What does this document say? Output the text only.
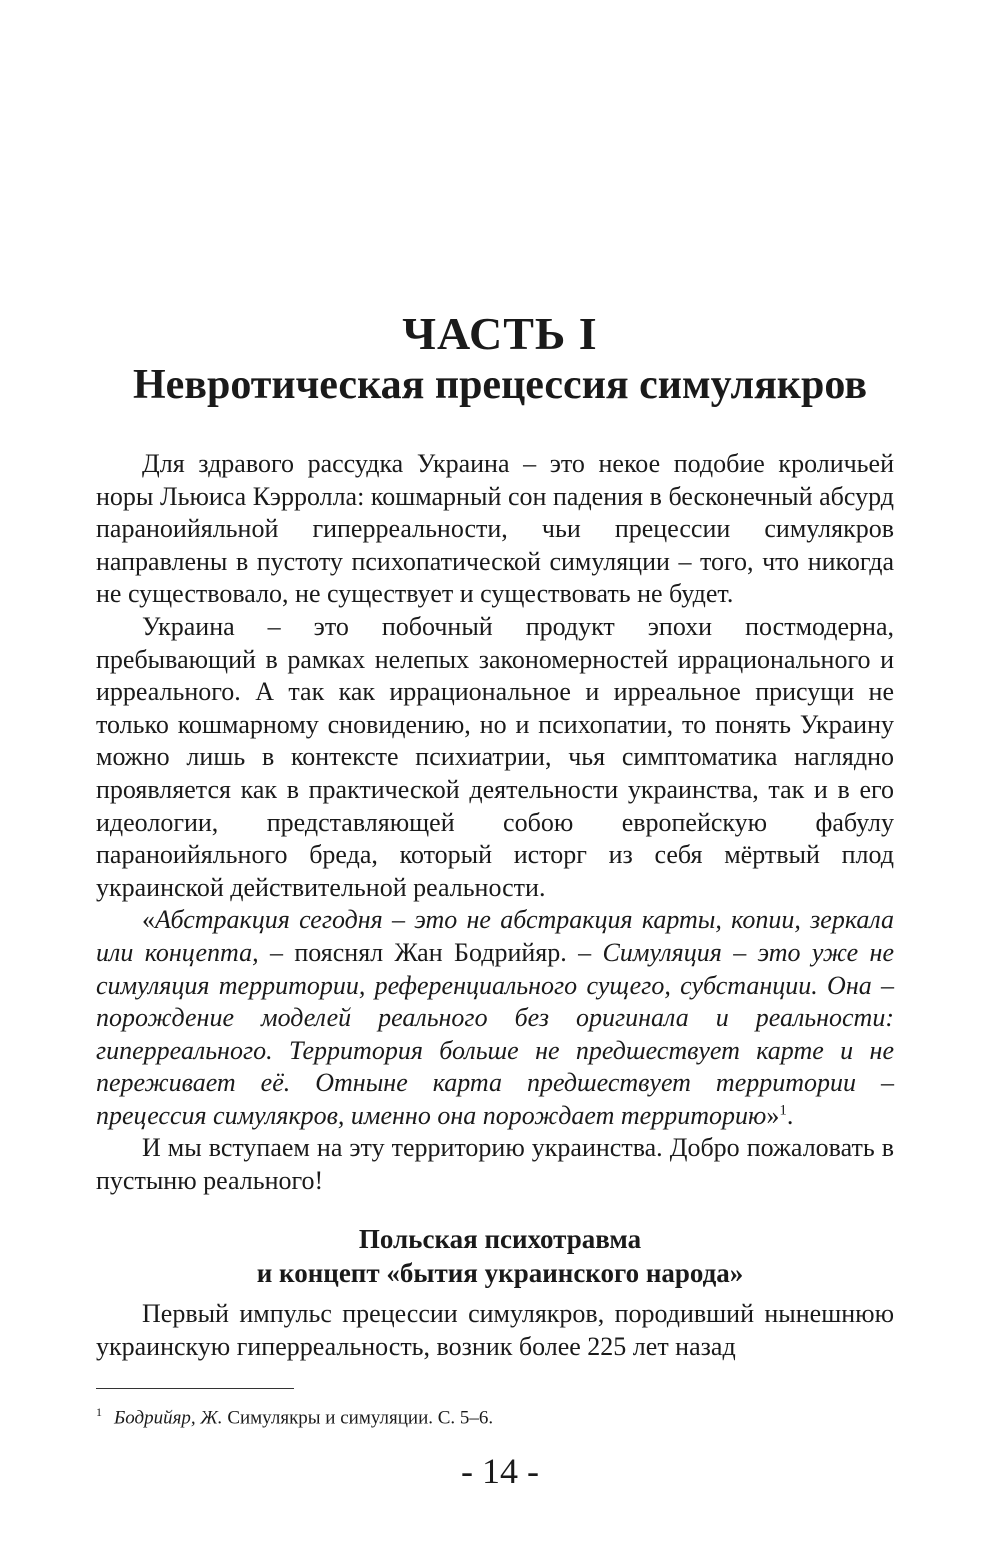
ЧАСТЬ I
Невротическая прецессия симулякров

Для здравого рассудка Украина – это некое подобие кроличьей норы Льюиса Кэрролла: кошмарный сон падения в бесконечный абсурд параноийяльной гиперреальности, чьи прецессии симулякров направлены в пустоту психопатической симуляции – того, что никогда не существовало, не существует и существовать не будет.

Украина – это побочный продукт эпохи постмодерна, пребывающий в рамках нелепых закономерностей иррационального и ирреального. А так как иррациональное и ирреальное присущи не только кошмарному сновидению, но и психопатии, то понять Украину можно лишь в контексте психиатрии, чья симптоматика наглядно проявляется как в практической деятельности украинства, так и в его идеологии, представляющей собою европейскую фабулу параноийяльного бреда, который исторг из себя мёртвый плод украинской действительной реальности.

«Абстракция сегодня – это не абстракция карты, копии, зеркала или концепта, – пояснял Жан Бодрийяр. – Симуляция – это уже не симуляция территории, референциального сущего, субстанции. Она – порождение моделей реального без оригинала и реальности: гиперреального. Территория больше не предшествует карте и не переживает её. Отныне карта предшествует территории – прецессия симулякров, именно она порождает территорию»$^1$.

И мы вступаем на эту территорию украинства. Добро пожаловать в пустыню реального!

Польская психотравма
и концепт «бытия украинского народа»

Первый импульс прецессии симулякров, породивший нынешнюю украинскую гиперреальность, возник более 225 лет назад

$^1$ Бодрийяр, Ж. Симулякры и симуляции. С. 5–6.
- 14 -
